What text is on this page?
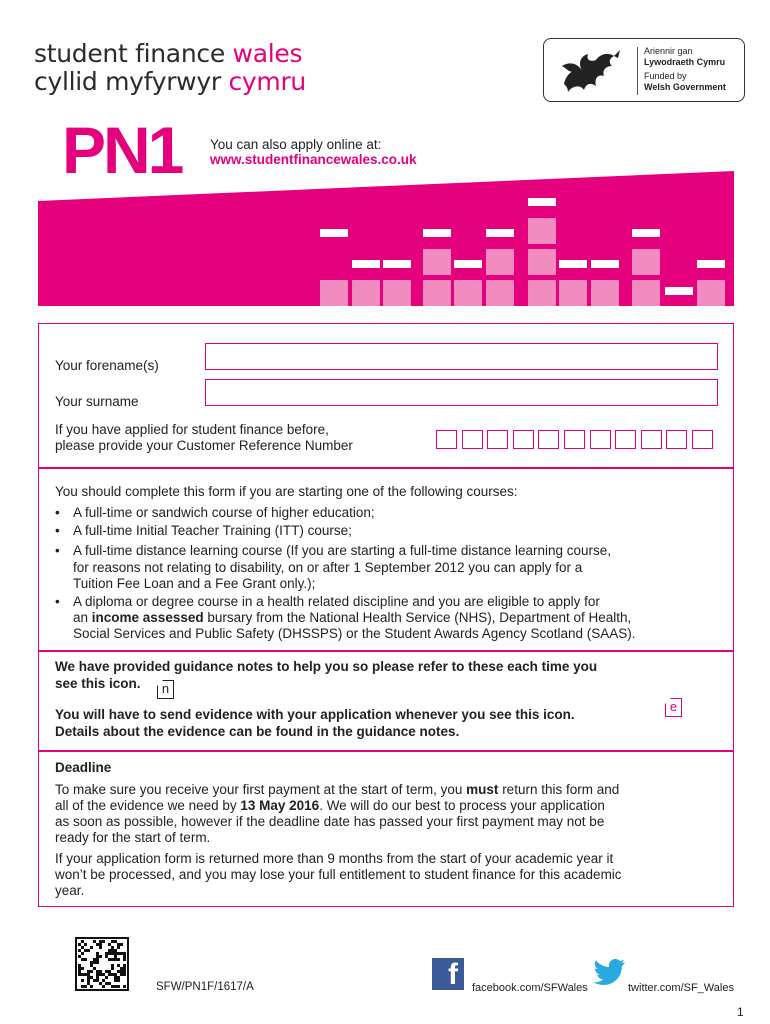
student finance wales
cyllid myfyrwyr cymru
Ariennir gan
Lywodraeth Cymru
Funded by
Welsh Government
PN1 You can also apply online at:
www.studentfinancewales.co.uk
Your forename(s)
Your surname
If you have applied for student finance before,
please provide your Customer Reference Number
You should complete this form if you are starting one of the following courses:
• A full-time or sandwich course of higher education;
• A full-time Initial Teacher Training (ITT) course;
• A full-time distance learning course (If you are starting a full-time distance learning course,
for reasons not relating to disability, on or after 1 September 2012 you can apply for a
Tuition Fee Loan and a Fee Grant only.);
• A diploma or degree course in a health related discipline and you are eligible to apply for
an income assessed bursary from the National Health Service (NHS), Department of Health,
Social Services and Public Safety (DHSSPS) or the Student Awards Agency Scotland (SAAS).
We have provided guidance notes to help you so please refer to these each time you
see this icon.	n
You will have to send evidence with your application whenever you see this icon.
e
Details about the evidence can be found in the guidance notes.
Deadline
To make sure you receive your first payment at the start of term, you must return this form and
all of the evidence we need by 13 May 2016. We will do our best to process your application
as soon as possible, however if the deadline date has passed your first payment may not be
ready for the start of term.
If your application form is returned more than 9 months from the start of your academic year it
won’t be processed, and you may lose your full entitlement to student finance for this academic
year.
SFW/PN1F/1617/A	f	facebook.com/SFWales	twitter.com/SF_Wales
1
